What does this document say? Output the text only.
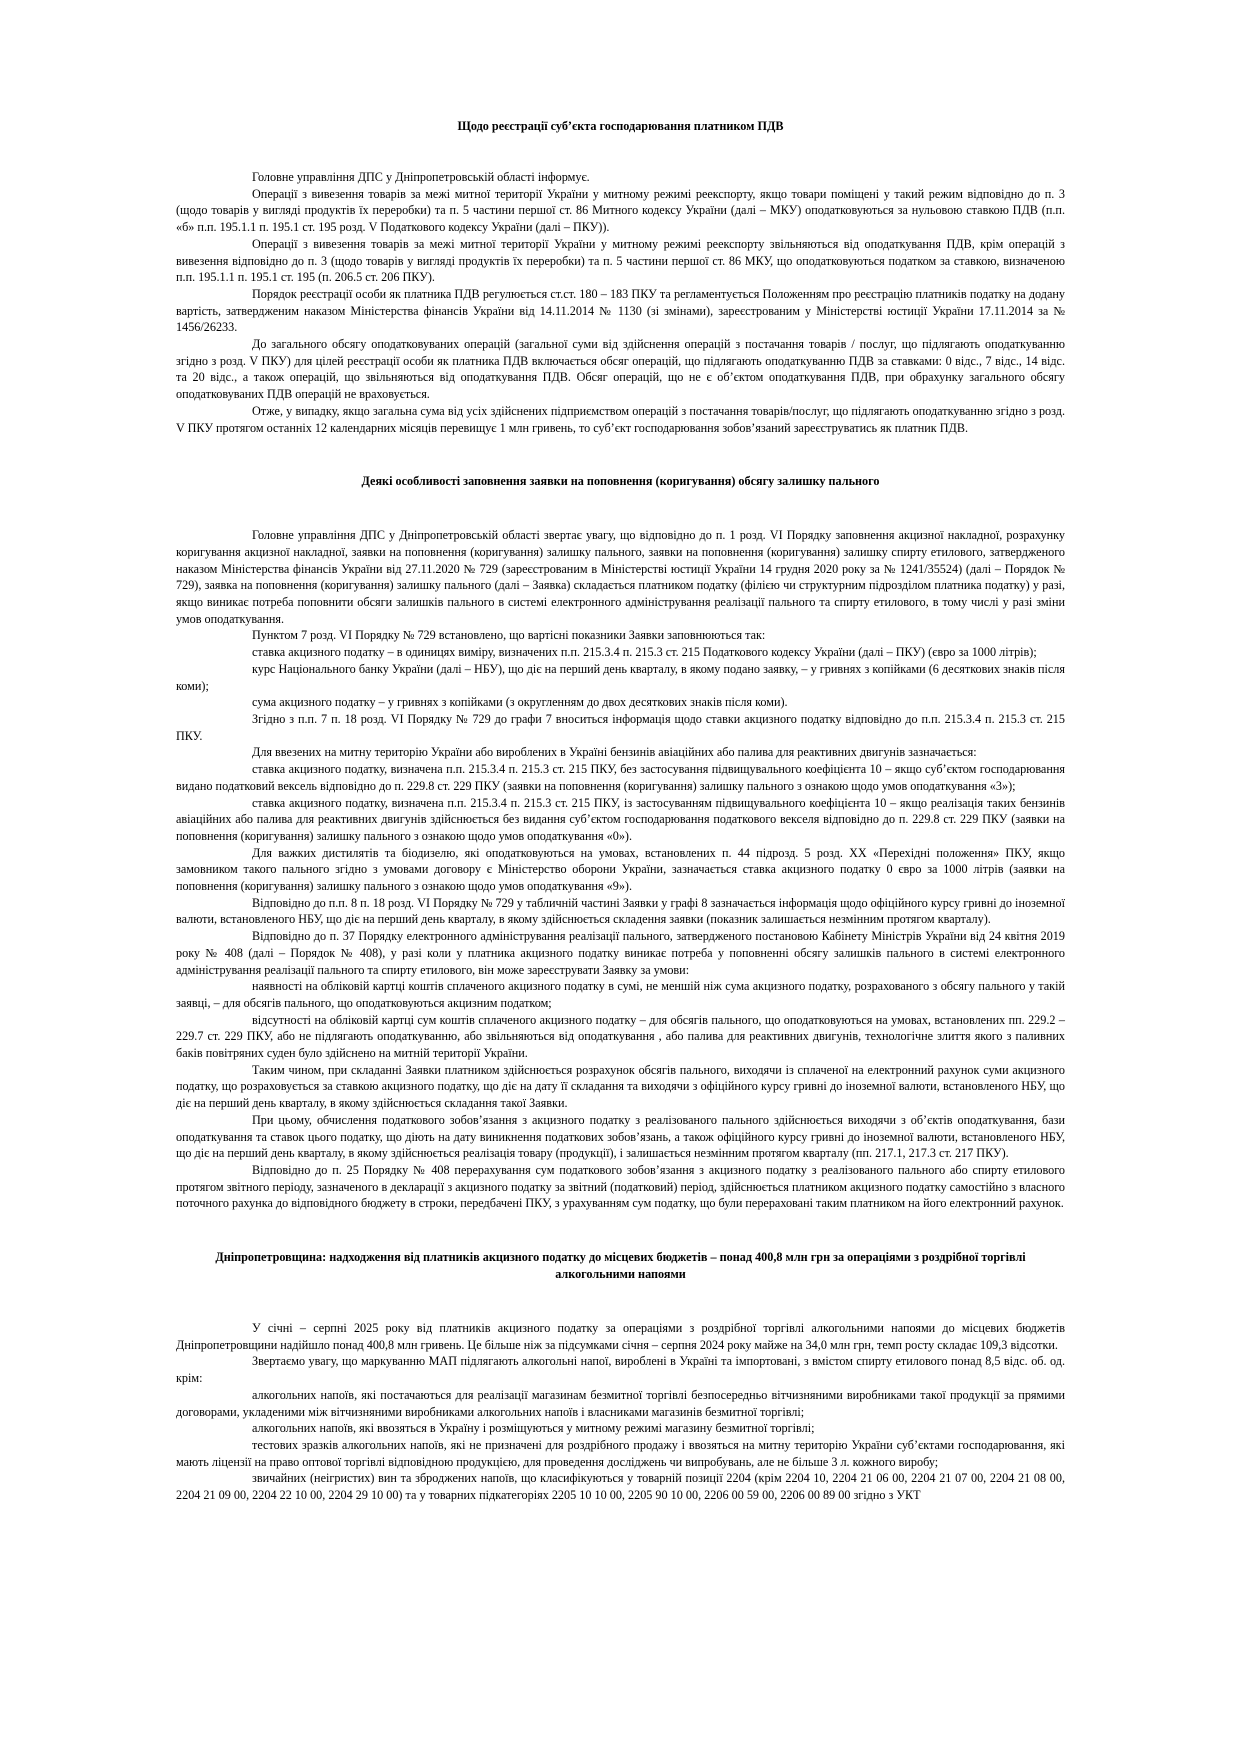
Щодо реєстрації суб’єкта господарювання платником ПДВ

Головне управління ДПС у Дніпропетровській області інформує.

Операції з вивезення товарів за межі митної території України у митному режимі реекспорту, якщо товари поміщені у такий режим відповідно до п. 3 (щодо товарів у вигляді продуктів їх переробки) та п. 5 частини першої ст. 86 Митного кодексу України (далі – МКУ) оподатковуються за нульовою ставкою ПДВ (п.п. «б» п.п. 195.1.1 п. 195.1 ст. 195 розд. V Податкового кодексу України (далі – ПКУ)).

Операції з вивезення товарів за межі митної території України у митному режимі реекспорту звільняються від оподаткування ПДВ, крім операцій з вивезення відповідно до п. 3 (щодо товарів у вигляді продуктів їх переробки) та п. 5 частини першої ст. 86 МКУ, що оподатковуються податком за ставкою, визначеною п.п. 195.1.1 п. 195.1 ст. 195 (п. 206.5 ст. 206 ПКУ).

Порядок реєстрації особи як платника ПДВ регулюється ст.ст. 180 – 183 ПКУ та регламентується Положенням про реєстрацію платників податку на додану вартість, затвердженим наказом Міністерства фінансів України від 14.11.2014 № 1130 (зі змінами), зареєстрованим у Міністерстві юстиції України 17.11.2014 за № 1456/26233.

До загального обсягу оподатковуваних операцій (загальної суми від здійснення операцій з постачання товарів / послуг, що підлягають оподаткуванню згідно з розд. V ПКУ) для цілей реєстрації особи як платника ПДВ включається обсяг операцій, що підлягають оподаткуванню ПДВ за ставками: 0 відс., 7 відс., 14 відс. та 20 відс., а також операцій, що звільняються від оподаткування ПДВ. Обсяг операцій, що не є об’єктом оподаткування ПДВ, при обрахунку загального обсягу оподатковуваних ПДВ операцій не враховується.

Отже, у випадку, якщо загальна сума від усіх здійснених підприємством операцій з постачання товарів/послуг, що підлягають оподаткуванню згідно з розд. V ПКУ протягом останніх 12 календарних місяців перевищує 1 млн гривень, то суб’єкт господарювання зобов’язаний зареєструватись як платник ПДВ.

Деякі особливості заповнення заявки на поповнення (коригування) обсягу залишку пального

Головне управління ДПС у Дніпропетровській області звертає увагу, що відповідно до п. 1 розд. VI Порядку заповнення акцизної накладної, розрахунку коригування акцизної накладної, заявки на поповнення (коригування) залишку пального, заявки на поповнення (коригування) залишку спирту етилового, затвердженого наказом Міністерства фінансів України від 27.11.2020 № 729 (зареєстрованим в Міністерстві юстиції України 14 грудня 2020 року за № 1241/35524) (далі – Порядок № 729), заявка на поповнення (коригування) залишку пального (далі – Заявка) складається платником податку (філією чи структурним підрозділом платника податку) у разі, якщо виникає потреба поповнити обсяги залишків пального в системі електронного адміністрування реалізації пального та спирту етилового, в тому числі у разі зміни умов оподаткування.

Пунктом 7 розд. VI Порядку № 729 встановлено, що вартісні показники Заявки заповнюються так:

ставка акцизного податку – в одиницях виміру, визначених п.п. 215.3.4 п. 215.3 ст. 215 Податкового кодексу України (далі – ПКУ) (євро за 1000 літрів);

курс Національного банку України (далі – НБУ), що діє на перший день кварталу, в якому подано заявку, – у гривнях з копійками (6 десяткових знаків після коми);

сума акцизного податку – у гривнях з копійками (з округленням до двох десяткових знаків після коми).

Згідно з п.п. 7 п. 18 розд. VI Порядку № 729 до графи 7 вноситься інформація щодо ставки акцизного податку відповідно до п.п. 215.3.4 п. 215.3 ст. 215 ПКУ.

Для ввезених на митну територію України або вироблених в Україні бензинів авіаційних або палива для реактивних двигунів зазначається:

ставка акцизного податку, визначена п.п. 215.3.4 п. 215.3 ст. 215 ПКУ, без застосування підвищувального коефіцієнта 10 – якщо суб’єктом господарювання видано податковий вексель відповідно до п. 229.8 ст. 229 ПКУ (заявки на поповнення (коригування) залишку пального з ознакою щодо умов оподаткування «3»);

ставка акцизного податку, визначена п.п. 215.3.4 п. 215.3 ст. 215 ПКУ, із застосуванням підвищувального коефіцієнта 10 – якщо реалізація таких бензинів авіаційних або палива для реактивних двигунів здійснюється без видання суб’єктом господарювання податкового векселя відповідно до п. 229.8 ст. 229 ПКУ (заявки на поповнення (коригування) залишку пального з ознакою щодо умов оподаткування «0»).

Для важких дистилятів та біодизелю, які оподатковуються на умовах, встановлених п. 44 підрозд. 5 розд. XX «Перехідні положення» ПКУ, якщо замовником такого пального згідно з умовами договору є Міністерство оборони України, зазначається ставка акцизного податку 0 євро за 1000 літрів (заявки на поповнення (коригування) залишку пального з ознакою щодо умов оподаткування «9»).

Відповідно до п.п. 8 п. 18 розд. VI Порядку № 729 у табличній частині Заявки у графі 8 зазначається інформація щодо офіційного курсу гривні до іноземної валюти, встановленого НБУ, що діє на перший день кварталу, в якому здійснюється складення заявки (показник залишається незмінним протягом кварталу).

Відповідно до п. 37 Порядку електронного адміністрування реалізації пального, затвердженого постановою Кабінету Міністрів України від 24 квітня 2019 року № 408 (далі – Порядок № 408), у разі коли у платника акцизного податку виникає потреба у поповненні обсягу залишків пального в системі електронного адміністрування реалізації пального та спирту етилового, він може зареєструвати Заявку за умови:

наявності на обліковій картці коштів сплаченого акцизного податку в сумі, не меншій ніж сума акцизного податку, розрахованого з обсягу пального у такій заявці, – для обсягів пального, що оподатковуються акцизним податком;

відсутності на обліковій картці сум коштів сплаченого акцизного податку – для обсягів пального, що оподатковуються на умовах, встановлених пп. 229.2 – 229.7 ст. 229 ПКУ, або не підлягають оподаткуванню, або звільняються від оподаткування , або палива для реактивних двигунів, технологічне злиття якого з паливних баків повітряних суден було здійснено на митній території України.

Таким чином, при складанні Заявки платником здійснюється розрахунок обсягів пального, виходячи із сплаченої на електронний рахунок суми акцизного податку, що розраховується за ставкою акцизного податку, що діє на дату її складання та виходячи з офіційного курсу гривні до іноземної валюти, встановленого НБУ, що діє на перший день кварталу, в якому здійснюється складання такої Заявки.

При цьому, обчислення податкового зобов’язання з акцизного податку з реалізованого пального здійснюється виходячи з об’єктів оподаткування, бази оподаткування та ставок цього податку, що діють на дату виникнення податкових зобов’язань, а також офіційного курсу гривні до іноземної валюти, встановленого НБУ, що діє на перший день кварталу, в якому здійснюється реалізація товару (продукції), і залишається незмінним протягом кварталу (пп. 217.1, 217.3 ст. 217 ПКУ).

Відповідно до п. 25 Порядку № 408 перерахування сум податкового зобов’язання з акцизного податку з реалізованого пального або спирту етилового протягом звітного періоду, зазначеного в декларації з акцизного податку за звітний (податковий) період, здійснюється платником акцизного податку самостійно з власного поточного рахунка до відповідного бюджету в строки, передбачені ПКУ, з урахуванням сум податку, що були перераховані таким платником на його електронний рахунок.

Дніпропетровщина: надходження від платників акцизного податку до місцевих бюджетів – понад 400,8 млн грн за операціями з роздрібної торгівлі алкогольними напоями

У січні – серпні 2025 року від платників акцизного податку за операціями з роздрібної торгівлі алкогольними напоями до місцевих бюджетів Дніпропетровщини надійшло понад 400,8 млн гривень. Це більше ніж за підсумками січня – серпня 2024 року майже на 34,0 млн грн, темп росту складає 109,3 відсотки.

Звертаємо увагу, що маркуванню МАП підлягають алкогольні напої, вироблені в Україні та імпортовані, з вмістом спирту етилового понад 8,5 відс. об. од. крім:

алкогольних напоїв, які постачаються для реалізації магазинам безмитної торгівлі безпосередньо вітчизняними виробниками такої продукції за прямими договорами, укладеними між вітчизняними виробниками алкогольних напоїв і власниками магазинів безмитної торгівлі;

алкогольних напоїв, які ввозяться в Україну і розміщуються у митному режимі магазину безмитної торгівлі;

тестових зразків алкогольних напоїв, які не призначені для роздрібного продажу і ввозяться на митну територію України суб’єктами господарювання, які мають ліцензії на право оптової торгівлі відповідною продукцією, для проведення досліджень чи випробувань, але не більше 3 л. кожного виробу;

звичайних (неігристих) вин та зброджених напоїв, що класифікуються у товарній позиції 2204 (крім 2204 10, 2204 21 06 00, 2204 21 07 00, 2204 21 08 00, 2204 21 09 00, 2204 22 10 00, 2204 29 10 00) та у товарних підкатегоріях 2205 10 10 00, 2205 90 10 00, 2206 00 59 00, 2206 00 89 00 згідно з УКТ
